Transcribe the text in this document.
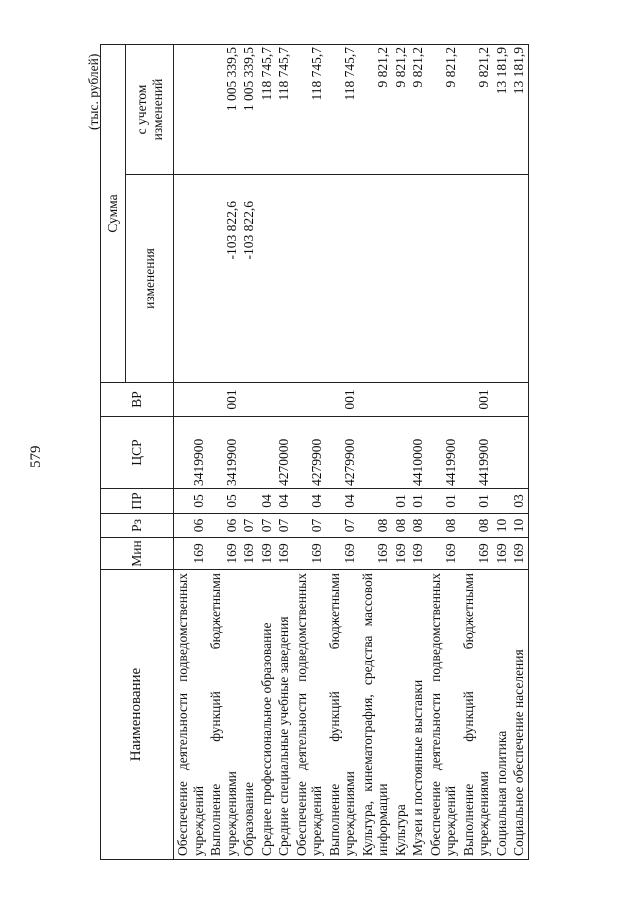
579
(тыс. рублей)
Наименование	Мин	Рз	ПР	ЦСР	ВР	Сумма	
						изменения	с учетом
изменений
Обеспечение деятельности подведомственных учреждений	169	06	05	3419900			
Выполнение функций бюджетными учреждениями	169	06	05	3419900	001	-103 822,6	1 005 339,5
Образование	169	07				-103 822,6	1 005 339,5
Среднее профессиональное образование	169	07	04				118 745,7
Средние специальные учебные заведения	169	07	04	4270000			118 745,7
Обеспечение деятельности подведомственных учреждений	169	07	04	4279900			118 745,7
Выполнение функций бюджетными учреждениями	169	07	04	4279900	001		118 745,7
Культура, кинематография, средства массовой информации	169	08					9 821,2
Культура	169	08	01				9 821,2
Музеи и постоянные выставки	169	08	01	4410000			9 821,2
Обеспечение деятельности подведомственных учреждений	169	08	01	4419900			9 821,2
Выполнение функций бюджетными учреждениями	169	08	01	4419900	001		9 821,2
Социальная политика	169	10					13 181,9
Социальное обеспечение населения	169	10	03				13 181,9
